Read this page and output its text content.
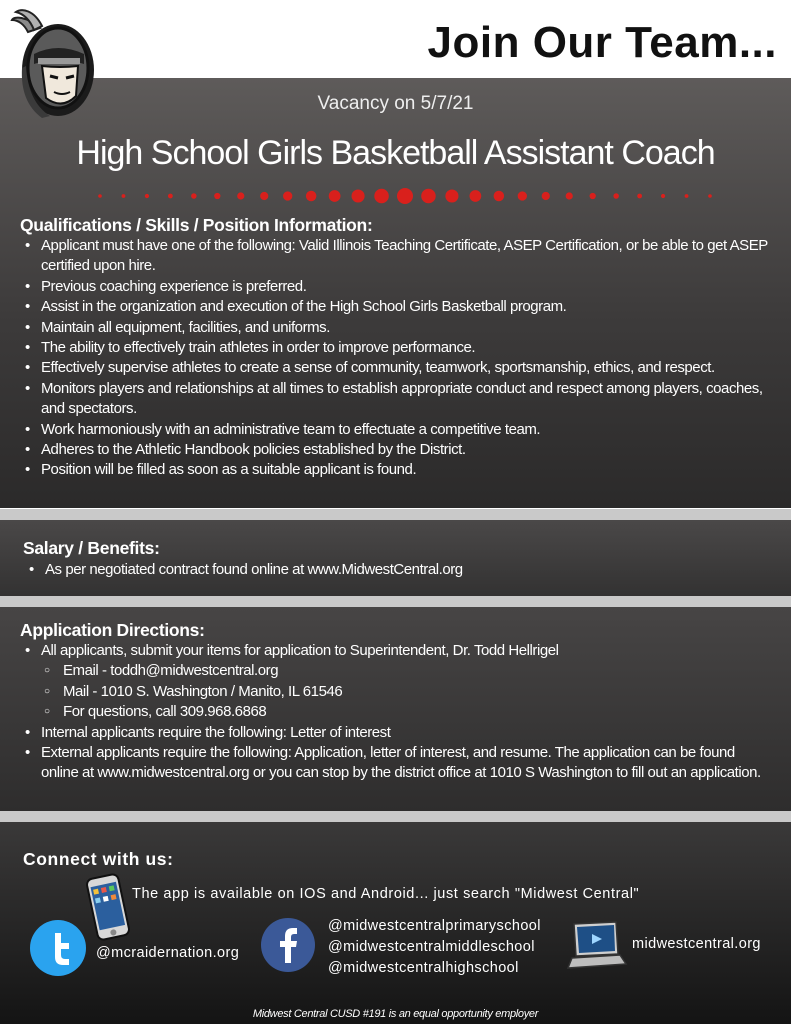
Join Our Team...
Vacancy on 5/7/21
High School Girls Basketball Assistant Coach
Qualifications / Skills / Position Information:
• Applicant must have one of the following: Valid Illinois Teaching Certificate, ASEP Certification, or be able to get ASEP certified upon hire.
• Previous coaching experience is preferred.
• Assist in the organization and execution of the High School Girls Basketball program.
• Maintain all equipment, facilities, and uniforms.
• The ability to effectively train athletes in order to improve performance.
• Effectively supervise athletes to create a sense of community, teamwork, sportsmanship, ethics, and respect.
• Monitors players and relationships at all times to establish appropriate conduct and respect among players, coaches, and spectators.
• Work harmoniously with an administrative team to effectuate a competitive team.
• Adheres to the Athletic Handbook policies established by the District.
• Position will be filled as soon as a suitable applicant is found.
Salary / Benefits:
• As per negotiated contract found online at www.MidwestCentral.org
Application Directions:
• All applicants, submit your items for application to Superintendent, Dr. Todd Hellrigel
○ Email - toddh@midwestcentral.org
○ Mail - 1010 S. Washington / Manito, IL 61546
○ For questions, call 309.968.6868
• Internal applicants require the following: Letter of interest
• External applicants require the following: Application, letter of interest, and resume. The application can be found online at www.midwestcentral.org or you can stop by the district office at 1010 S Washington to fill out an application.
Connect with us:
The app is available on IOS and Android... just search "Midwest Central"
@mcraidernation.org
@midwestcentralprimaryschool
@midwestcentralmiddleschool
@midwestcentralhighschool
midwestcentral.org
Midwest Central CUSD #191 is an equal opportunity employer
